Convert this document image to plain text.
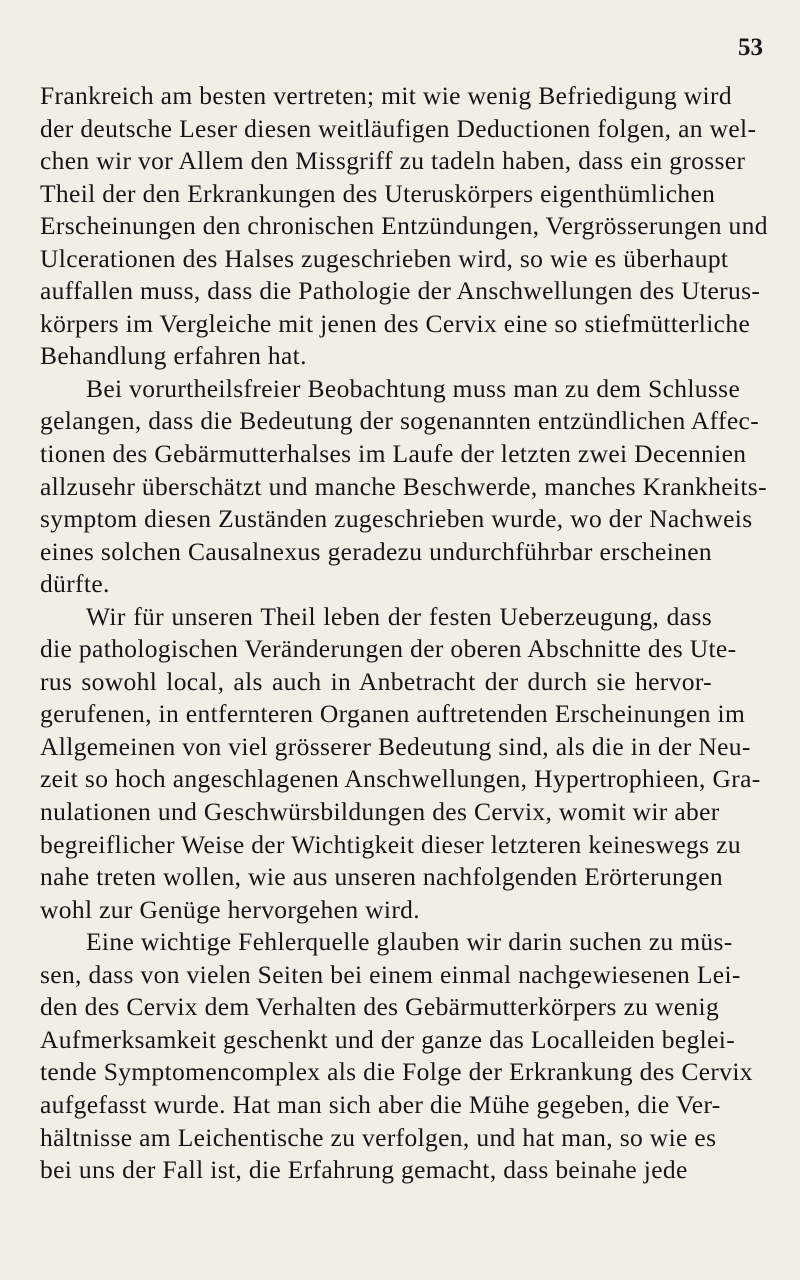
53
Frankreich am besten vertreten; mit wie wenig Befriedigung wird
der deutsche Leser diesen weitläufigen Deductionen folgen, an wel-
chen wir vor Allem den Missgriff zu tadeln haben, dass ein grosser
Theil der den Erkrankungen des Uteruskörpers eigenthümlichen
Erscheinungen den chronischen Entzündungen, Vergrösserungen und
Ulcerationen des Halses zugeschrieben wird, so wie es überhaupt
auffallen muss, dass die Pathologie der Anschwellungen des Uterus-
körpers im Vergleiche mit jenen des Cervix eine so stiefmütterliche
Behandlung erfahren hat.
Bei vorurtheilsfreier Beobachtung muss man zu dem Schlusse
gelangen, dass die Bedeutung der sogenannten entzündlichen Affec-
tionen des Gebärmutterhalses im Laufe der letzten zwei Decennien
allzusehr überschätzt und manche Beschwerde, manches Krankheits-
symptom diesen Zuständen zugeschrieben wurde, wo der Nachweis
eines solchen Causalnexus geradezu undurchführbar erscheinen
dürfte.
Wir für unseren Theil leben der festen Ueberzeugung, dass
die pathologischen Veränderungen der oberen Abschnitte des Ute-
rus sowohl local, als auch in Anbetracht der durch sie hervor-
gerufenen, in entfernteren Organen auftretenden Erscheinungen im
Allgemeinen von viel grösserer Bedeutung sind, als die in der Neu-
zeit so hoch angeschlagenen Anschwellungen, Hypertrophieen, Gra-
nulationen und Geschwürsbildungen des Cervix, womit wir aber
begreiflicher Weise der Wichtigkeit dieser letzteren keineswegs zu
nahe treten wollen, wie aus unseren nachfolgenden Erörterungen
wohl zur Genüge hervorgehen wird.
Eine wichtige Fehlerquelle glauben wir darin suchen zu müs-
sen, dass von vielen Seiten bei einem einmal nachgewiesenen Lei-
den des Cervix dem Verhalten des Gebärmutterkörpers zu wenig
Aufmerksamkeit geschenkt und der ganze das Localleiden beglei-
tende Symptomencomplex als die Folge der Erkrankung des Cervix
aufgefasst wurde. Hat man sich aber die Mühe gegeben, die Ver-
hältnisse am Leichentische zu verfolgen, und hat man, so wie es
bei uns der Fall ist, die Erfahrung gemacht, dass beinahe jede
